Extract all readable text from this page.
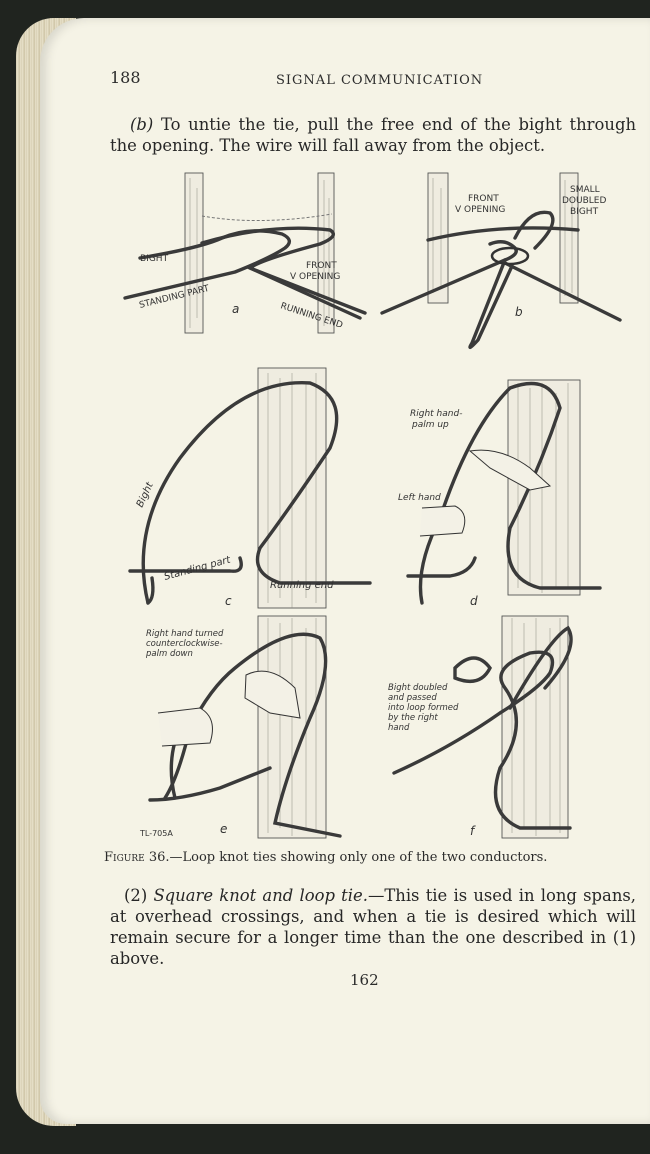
188	SIGNAL COMMUNICATION
(b) To untie the tie, pull the free end of the bight through the opening. The wire will fall away from the object.
BIGHT
FRONT V OPENING
STANDING PART
RUNNING END
a
FRONT V OPENING
SMALL DOUBLED BIGHT
b
Bight
Standing part
Running end
c
Right hand-palm up
Left hand
d
Right hand turned counterclockwise-palm down
TL-705A	e
Bight doubled and passed into loop formed by the right hand
f
Figure 36.—Loop knot ties showing only one of the two conductors.
(2) Square knot and loop tie.—This tie is used in long spans, at overhead crossings, and when a tie is desired which will remain secure for a longer time than the one described in (1) above.
162
